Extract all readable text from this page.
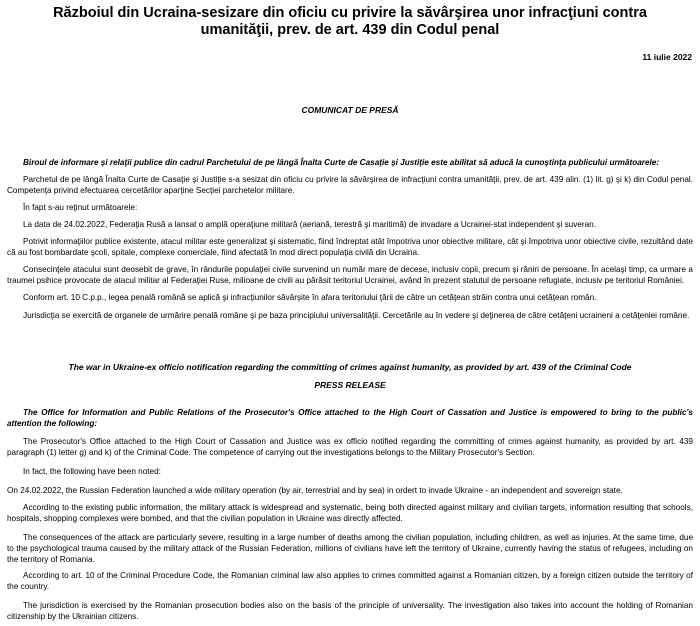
Războiul din Ucraina-sesizare din oficiu cu privire la săvârşirea unor infracţiuni contra umanităţii, prev. de art. 439 din Codul penal
11 iulie 2022
COMUNICAT DE PRESĂ
Biroul de informare şi relaţii publice din cadrul Parchetului de pe lângă Înalta Curte de Casaţie şi Justiţie este abilitat să aducă la cunoştinţa publicului următoarele:
Parchetul de pe lângă Înalta Curte de Casaţie şi Justiţie s-a sesizat din oficiu cu privire la săvârşirea de infracţiuni contra umanităţii, prev. de art. 439 alin. (1) lit. g) şi k) din Codul penal. Competenţa privind efectuarea cercetărilor aparţine Secţiei parchetelor militare.
În fapt s-au reţinut următoarele:
La data de 24.02.2022, Federaţia Rusă a lansat o amplă operaţiune militară (aeriană, terestră şi maritimă) de invadare a Ucrainei-stat independent şi suveran.
Potrivit informaţiilor publice existente, atacul militar este generalizat şi sistematic, fiind îndreptat atât împotriva unor obiective militare, cât şi împotriva unor obiective civile, rezultând date că au fost bombardate şcoli, spitale, complexe comerciale, fiind afectată în mod direct populaţia civilă din Ucraina.
Consecinţele atacului sunt deosebit de grave, în rândurile populaţiei civile survenind un număr mare de decese, inclusiv copii, precum şi răniri de persoane. În acelaşi timp, ca urmare a traumei psihice provocate de atacul militar al Federaţiei Ruse, milioane de civili au părăsit teritoriul Ucrainei, având în prezent statutul de persoane refugiate, inclusiv pe teritoriul României.
Conform art. 10 C.p.p., legea penală română se aplică şi infracţiunilor săvârşite în afara teritoriului ţării de către un cetăţean străin contra unui cetăţean român.
Jurisdicţia se exercită de organele de urmărire penală române şi pe baza principiului universalităţii. Cercetările au în vedere şi deţinerea de către cetăţeni ucraineni a cetăţeniei române.
The war in Ukraine-ex officio notification regarding the committing of crimes against humanity, as provided by art. 439 of the Criminal Code
PRESS RELEASE
The Office for Information and Public Relations of the Prosecutor's Office attached to the High Court of Cassation and Justice is empowered to bring to the public's attention the following:
The Prosecutor's Office attached to the High Court of Cassation and Justice was ex officio notified regarding the committing of crimes against humanity, as provided by art. 439 paragraph (1) letter g) and k) of the Criminal Code. The competence of carrying out the investigations belongs to the Military Prosecutor's Section.
In fact, the following have been noted:
On 24.02.2022, the Russian Federation launched a wide military operation (by air, terrestrial and by sea) in ordert to invade Ukraine - an independent and sovereign state.
According to the existing public information, the military attack is widespread and systematic, being both directed against military and civilian targets, information resulting that schools, hospitals, shopping complexes were bombed, and that the civilian population in Ukraine was directly affected.
The consequences of the attack are particularly severe, resulting in a large number of deaths among the civilian population, including children, as well as injuries. At the same time, due to the psychological trauma caused by the military attack of the Russian Federation, millions of civilians have left the territory of Ukraine, currently having the status of refugees, including on the territory of Romania.
According to art. 10 of the Criminal Procedure Code, the Romanian criminal law also applies to crimes committed against a Romanian citizen, by a foreign citizen outside the territory of the country.
The jurisdiction is exercised by the Romanian prosecution bodies also on the basis of the principle of universality. The investigation also takes into account the holding of Romanian citizenship by the Ukrainian citizens.
